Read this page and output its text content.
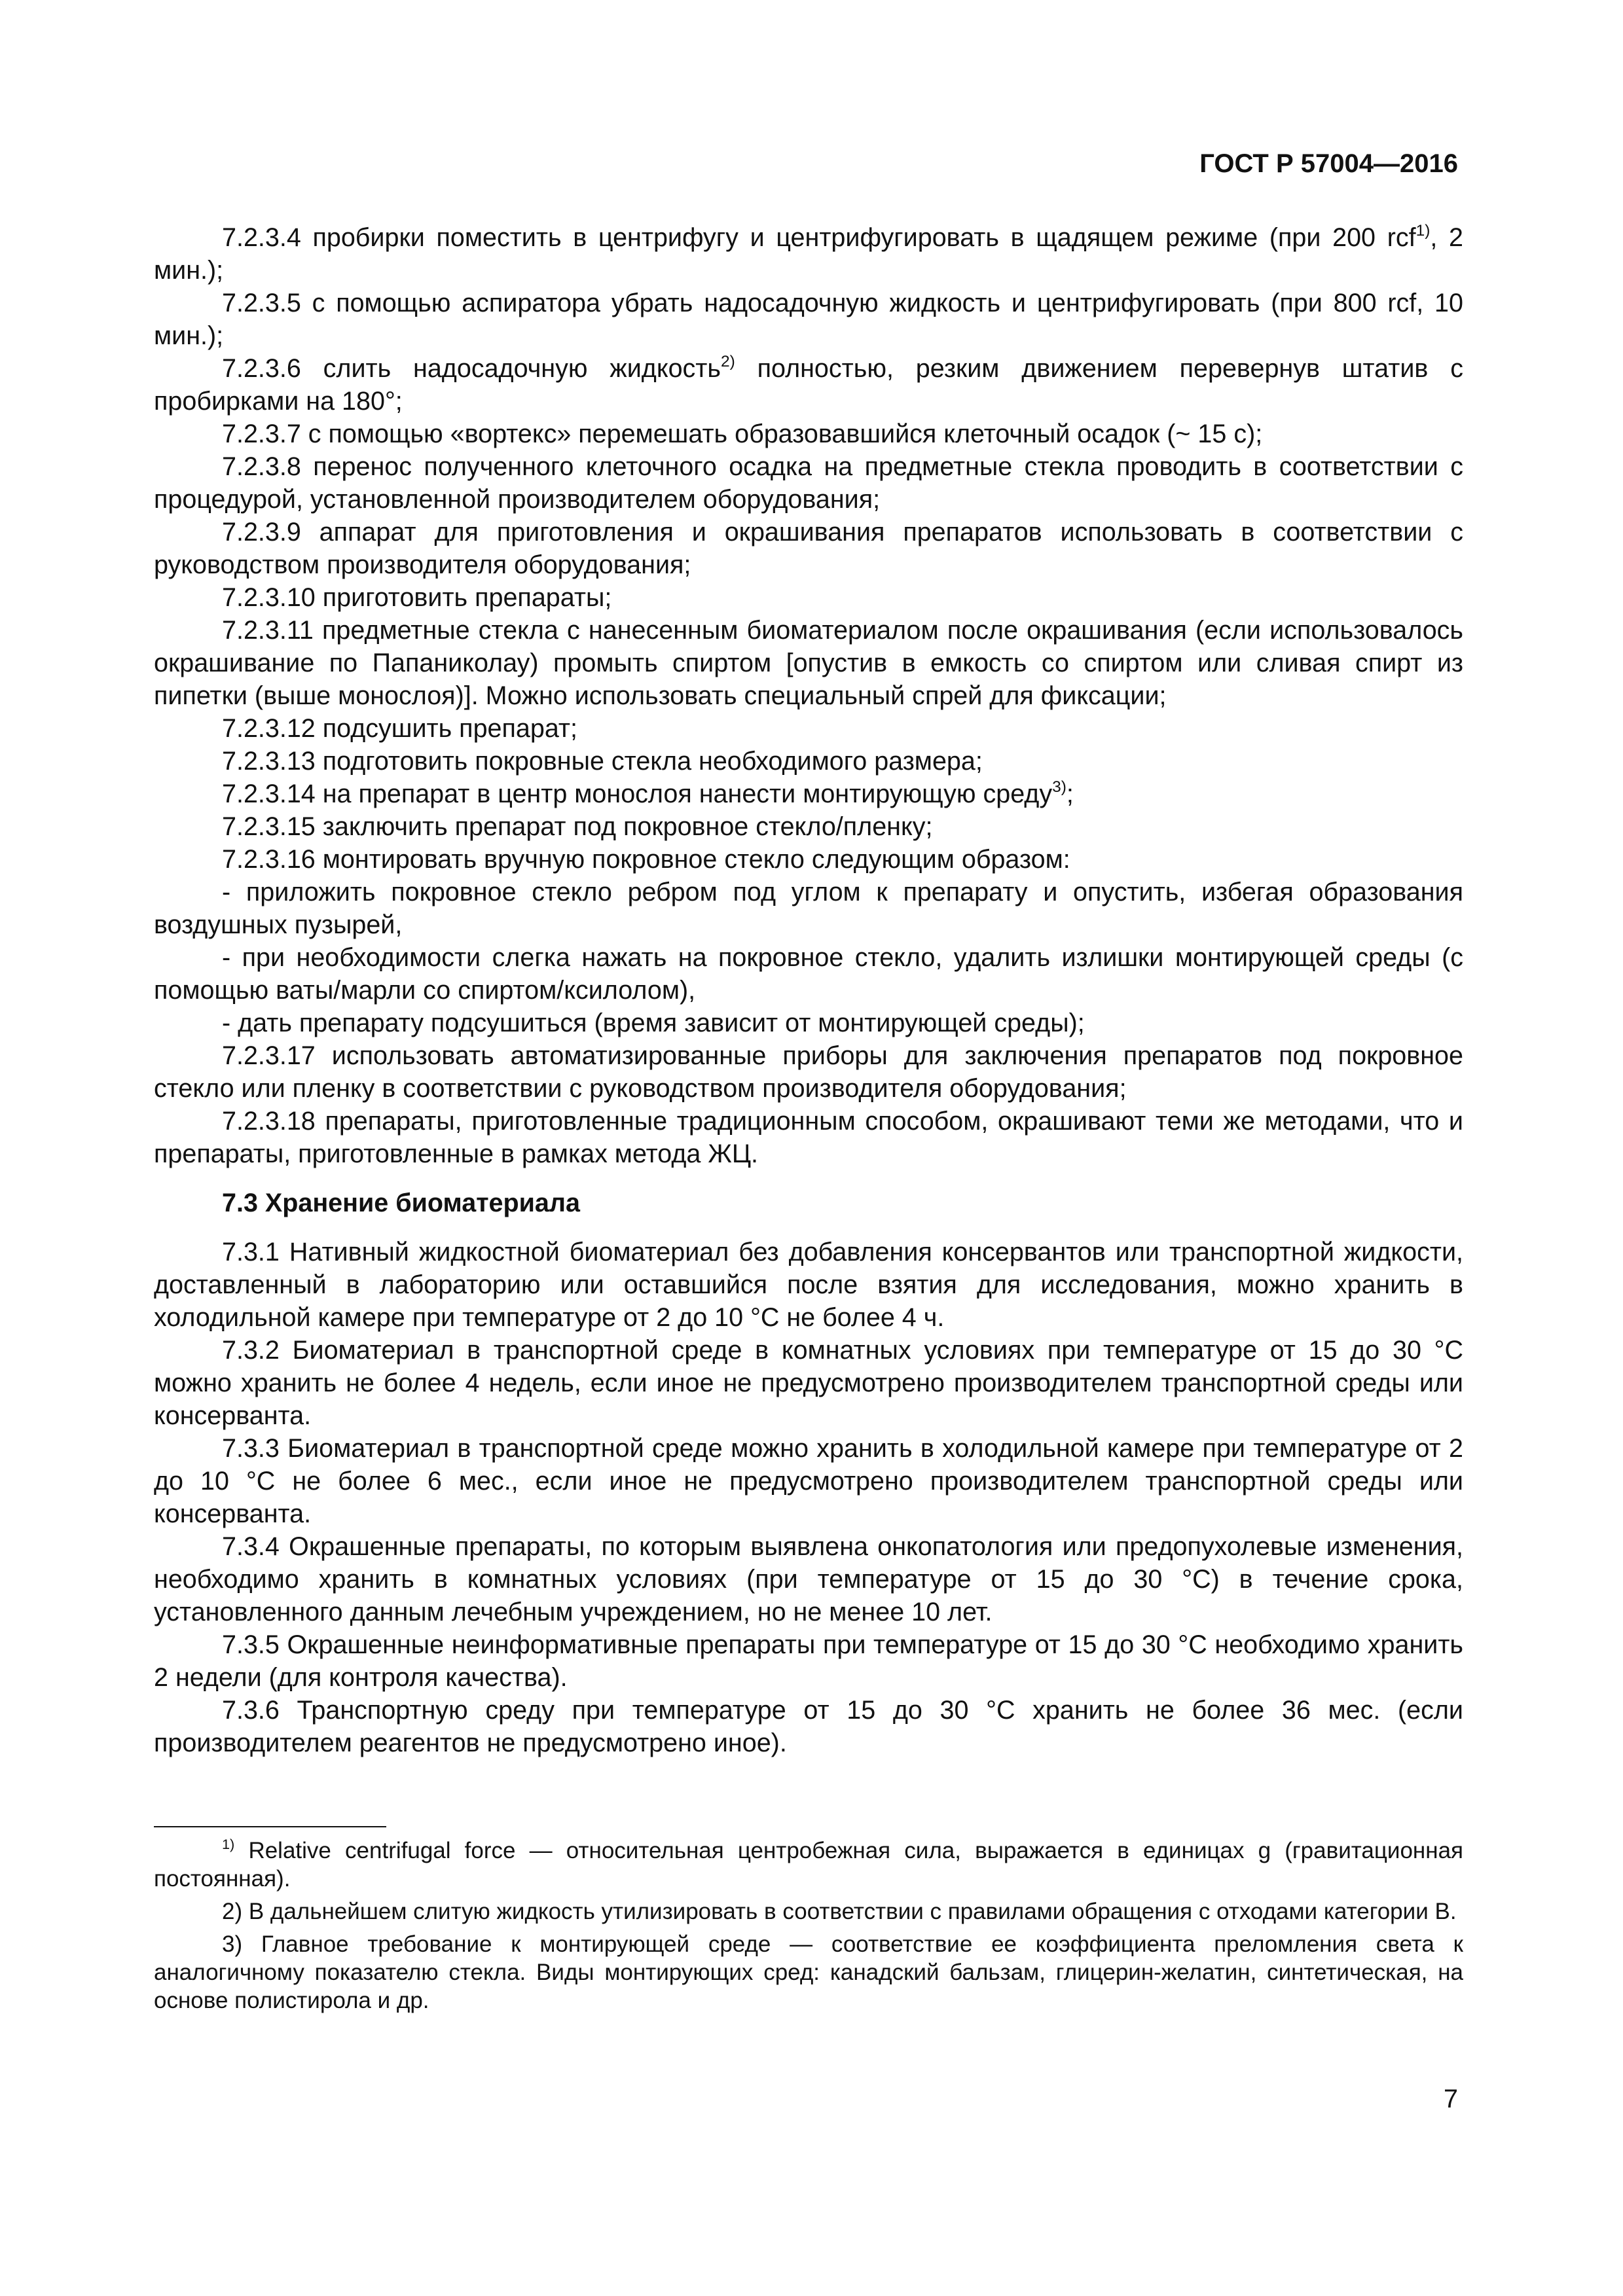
ГОСТ Р 57004—2016

7.2.3.4 пробирки поместить в центрифугу и центрифугировать в щадящем режиме (при 200 rcf$^{1)}$, 2 мин.);

7.2.3.5 с помощью аспиратора убрать надосадочную жидкость и центрифугировать (при 800 rcf, 10 мин.);

7.2.3.6 слить надосадочную жидкость$^{2)}$ полностью, резким движением перевернув штатив с пробирками на 180°;

7.2.3.7 с помощью «вортекс» перемешать образовавшийся клеточный осадок (~ 15 с);

7.2.3.8 перенос полученного клеточного осадка на предметные стекла проводить в соответствии с процедурой, установленной производителем оборудования;

7.2.3.9 аппарат для приготовления и окрашивания препаратов использовать в соответствии с руководством производителя оборудования;

7.2.3.10 приготовить препараты;

7.2.3.11 предметные стекла с нанесенным биоматериалом после окрашивания (если использовалось окрашивание по Папаниколау) промыть спиртом [опустив в емкость со спиртом или сливая спирт из пипетки (выше монослоя)]. Можно использовать специальный спрей для фиксации;

7.2.3.12 подсушить препарат;

7.2.3.13 подготовить покровные стекла необходимого размера;

7.2.3.14 на препарат в центр монослоя нанести монтирующую среду$^{3)}$;

7.2.3.15 заключить препарат под покровное стекло/пленку;

7.2.3.16 монтировать вручную покровное стекло следующим образом:

- приложить покровное стекло ребром под углом к препарату и опустить, избегая образования воздушных пузырей,

- при необходимости слегка нажать на покровное стекло, удалить излишки монтирующей среды (с помощью ваты/марли со спиртом/ксилолом),

- дать препарату подсушиться (время зависит от монтирующей среды);

7.2.3.17 использовать автоматизированные приборы для заключения препаратов под покровное стекло или пленку в соответствии с руководством производителя оборудования;

7.2.3.18 препараты, приготовленные традиционным способом, окрашивают теми же методами, что и препараты, приготовленные в рамках метода ЖЦ.

7.3 Хранение биоматериала

7.3.1 Нативный жидкостной биоматериал без добавления консервантов или транспортной жидкости, доставленный в лабораторию или оставшийся после взятия для исследования, можно хранить в холодильной камере при температуре от 2 до 10 °С не более 4 ч.

7.3.2 Биоматериал в транспортной среде в комнатных условиях при температуре от 15 до 30 °С можно хранить не более 4 недель, если иное не предусмотрено производителем транспортной среды или консерванта.

7.3.3 Биоматериал в транспортной среде можно хранить в холодильной камере при температуре от 2 до 10 °С не более 6 мес., если иное не предусмотрено производителем транспортной среды или консерванта.

7.3.4 Окрашенные препараты, по которым выявлена онкопатология или предопухолевые изменения, необходимо хранить в комнатных условиях (при температуре от 15 до 30 °С) в течение срока, установленного данным лечебным учреждением, но не менее 10 лет.

7.3.5 Окрашенные неинформативные препараты при температуре от 15 до 30 °С необходимо хранить 2 недели (для контроля качества).

7.3.6 Транспортную среду при температуре от 15 до 30 °С хранить не более 36 мес. (если производителем реагентов не предусмотрено иное).

$^{1)}$ Relative centrifugal force — относительная центробежная сила, выражается в единицах g (гравитационная постоянная).

2) В дальнейшем слитую жидкость утилизировать в соответствии с правилами обращения с отходами категории В.

3) Главное требование к монтирующей среде — соответствие ее коэффициента преломления света к аналогичному показателю стекла. Виды монтирующих сред: канадский бальзам, глицерин-желатин, синтетическая, на основе полистирола и др.

7
